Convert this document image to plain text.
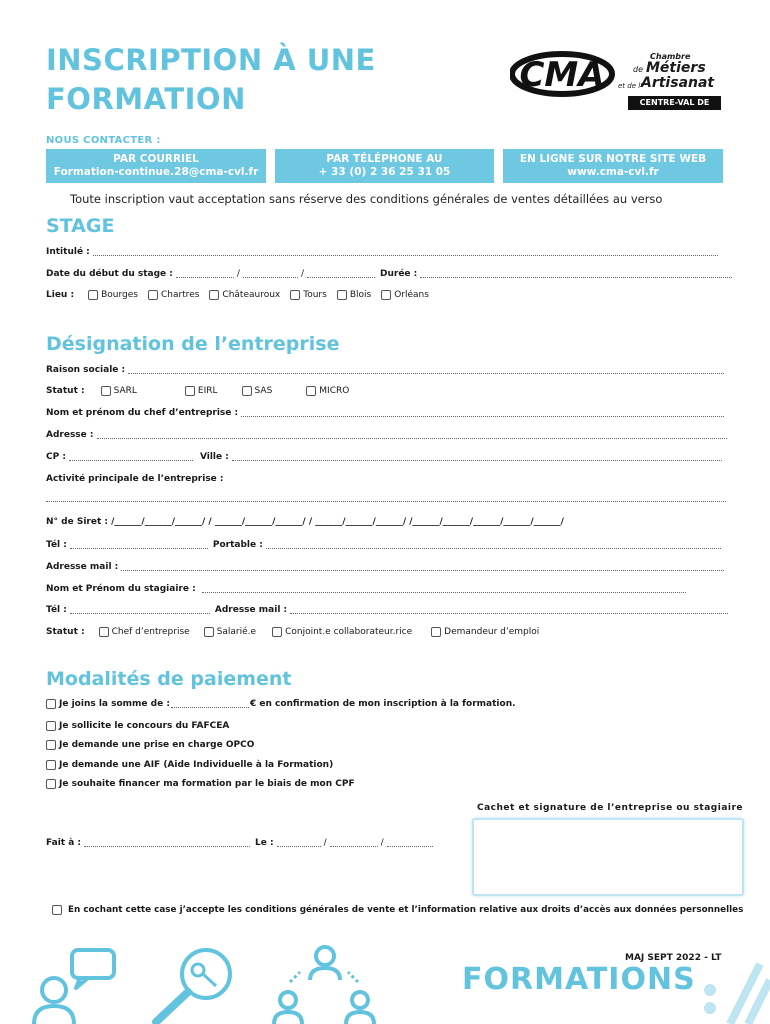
INSCRIPTION À UNE
FORMATION
CMA	Chambre
de Métiers
et de l'
Artisanat
CENTRE-VAL DE LOIRE
NOUS CONTACTER :
PAR COURRIEL
Formation-continue.28@cma-cvl.fr
PAR TÉLÉPHONE AU
+ 33 (0) 2 36 25 31 05
EN LIGNE SUR NOTRE SITE WEB
www.cma-cvl.fr
Toute inscription vaut acceptation sans réserve des conditions générales de ventes détaillées au verso
STAGE
Intitulé :
Date du début du stage :	/	/	Durée :
Lieu :	Bourges	Chartres	Châteauroux	Tours	Blois	Orléans
Désignation de l’entreprise
Raison sociale :
Statut :	SARL	EIRL	SAS	MICRO
Nom et prénom du chef d’entreprise :
Adresse :
CP :	Ville :
Activité principale de l’entreprise :
N° de Siret : /______/______/______/ / ______/______/______/ / ______/______/______/ /______/______/______/______/______/
Tél :	Portable :
Adresse mail :
Nom et Prénom du stagiaire :
Tél :	Adresse mail :
Statut :	Chef d’entreprise	Salarié.e	Conjoint.e collaborateur.rice	Demandeur d’emploi
Modalités de paiement
Je joins la somme de :	€ en confirmation de mon inscription à la formation.
Je sollicite le concours du FAFCEA
Je demande une prise en charge OPCO
Je demande une AIF (Aide Individuelle à la Formation)
Je souhaite financer ma formation par le biais de mon CPF
Cachet et signature de l’entreprise ou stagiaire
Fait à :	Le :	/	/
En cochant cette case j’accepte les conditions générales de vente et l’information relative aux droits d’accès aux données personnelles
MAJ SEPT 2022 - LT
FORMATIONS
